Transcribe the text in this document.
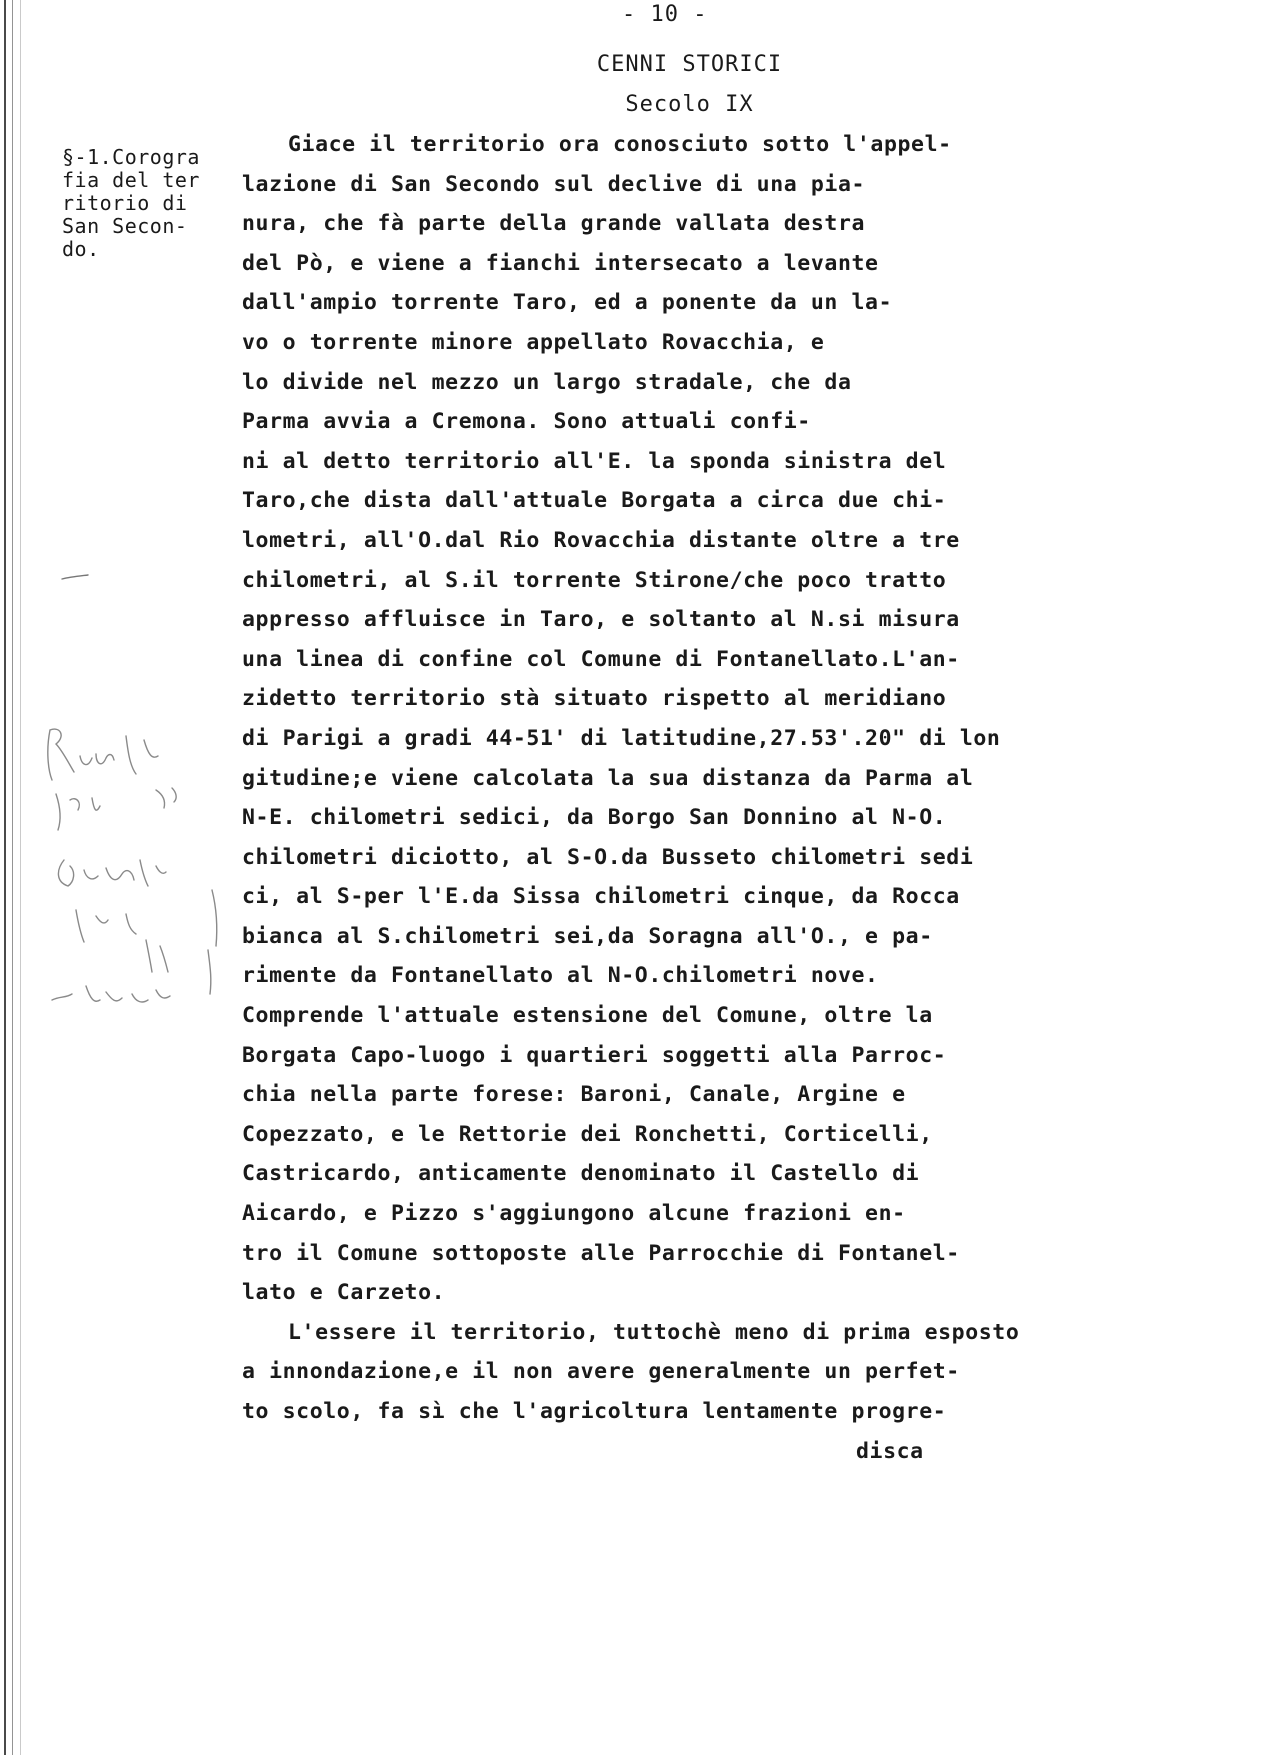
- 10 -
CENNI STORICI
Secolo IX
§-1.Corogra
fia del ter
ritorio di
San Secon-
do.
Giace il territorio ora conosciuto sotto l'appel-
lazione di San Secondo sul declive di una pia-
nura, che fà parte della grande vallata destra
del Pò, e viene a fianchi intersecato a levante
dall'ampio torrente Taro, ed a ponente da un la-
vo o torrente minore appellato Rovacchia, e
lo divide nel mezzo un largo stradale, che da
Parma avvia a Cremona. Sono attuali confi-
ni al detto territorio all'E. la sponda sinistra del
Taro,che dista dall'attuale Borgata a circa due chi-
lometri, all'O.dal Rio Rovacchia distante oltre a tre
chilometri, al S.il torrente Stirone/che poco tratto
appresso affluisce in Taro, e soltanto al N.si misura
una linea di confine col Comune di Fontanellato.L'an-
zidetto territorio stà situato rispetto al meridiano
di Parigi a gradi 44-51' di latitudine,27.53'.20" di lon
gitudine;e viene calcolata la sua distanza da Parma al
N-E. chilometri sedici, da Borgo San Donnino al N-O.
chilometri diciotto, al S-O.da Busseto chilometri sedi
ci, al S-per l'E.da Sissa chilometri cinque, da Rocca
bianca al S.chilometri sei,da Soragna all'O., e pa-
rimente da Fontanellato al N-O.chilometri nove.
Comprende l'attuale estensione del Comune, oltre la
Borgata Capo-luogo i quartieri soggetti alla Parroc-
chia nella parte forese: Baroni, Canale, Argine e
Copezzato, e le Rettorie dei Ronchetti, Corticelli,
Castricardo, anticamente denominato il Castello di
Aicardo, e Pizzo s'aggiungono alcune frazioni en-
tro il Comune sottoposte alle Parrocchie di Fontanel-
lato e Carzeto.
L'essere il territorio, tuttochè meno di prima esposto
a innondazione,e il non avere generalmente un perfet-
to scolo, fa sì che l'agricoltura lentamente progre-
disca
